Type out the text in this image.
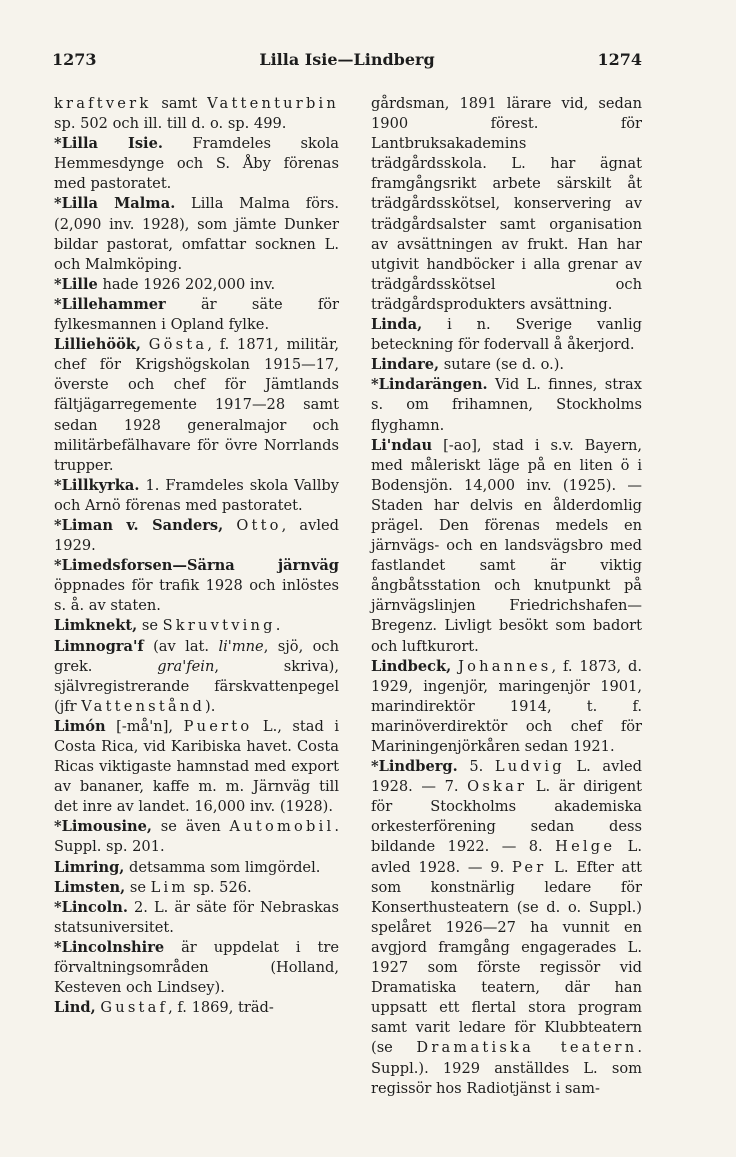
1273	Lilla Isie—Lindberg	1274

kraftverk samt Vattenturbin sp. 502 och ill. till d. o. sp. 499.

*Lilla Isie. Framdeles skola Hemmesdynge och S. Åby förenas med pastoratet.

*Lilla Malma. Lilla Malma förs. (2,090 inv. 1928), som jämte Dunker bildar pastorat, omfattar socknen L. och Malmköping.

*Lille hade 1926 202,000 inv.

*Lillehammer är säte för fylkesmannen i Opland fylke.

Lilliehöök, Gösta, f. 1871, militär, chef för Krigshögskolan 1915—17, överste och chef för Jämtlands fältjägarregemente 1917—28 samt sedan 1928 generalmajor och militärbefälhavare för övre Norrlands trupper.

*Lillkyrka. 1. Framdeles skola Vallby och Arnö förenas med pastoratet.

*Liman v. Sanders, Otto, avled 1929.

*Limedsforsen—Särna järnväg öppnades för trafik 1928 och inlöstes s. å. av staten.

Limknekt, se Skruvtving.

Limnogra'f (av lat. li'mne, sjö, och grek. gra'fein, skriva), självregistrerande färskvattenpegel (jfr Vattenstånd).

Limón [-må'n], Puerto L., stad i Costa Rica, vid Karibiska havet. Costa Ricas viktigaste hamnstad med export av bananer, kaffe m. m. Järnväg till det inre av landet. 16,000 inv. (1928).

*Limousine, se även Automobil. Suppl. sp. 201.

Limring, detsamma som limgördel.

Limsten, se Lim sp. 526.

*Lincoln. 2. L. är säte för Nebraskas statsuniversitet.

*Lincolnshire är uppdelat i tre förvaltningsområden (Holland, Kesteven och Lindsey).

Lind, Gustaf, f. 1869, träd-

gårdsman, 1891 lärare vid, sedan 1900 förest. för Lantbruksakademins trädgårdsskola. L. har ägnat framgångsrikt arbete särskilt åt trädgårdsskötsel, konservering av trädgårdsalster samt organisation av avsättningen av frukt. Han har utgivit handböcker i alla grenar av trädgårdsskötsel och trädgårdsprodukters avsättning.

Linda, i n. Sverige vanlig beteckning för fodervall å åkerjord.

Lindare, sutare (se d. o.).

*Lindarängen. Vid L. finnes, strax s. om frihamnen, Stockholms flyghamn.

Li'ndau [-ao], stad i s.v. Bayern, med måleriskt läge på en liten ö i Bodensjön. 14,000 inv. (1925). — Staden har delvis en ålderdomlig prägel. Den förenas medels en järnvägs- och en landsvägsbro med fastlandet samt är viktig ångbåtsstation och knutpunkt på järnvägslinjen Friedrichshafen—Bregenz. Livligt besökt som badort och luftkurort.

Lindbeck, Johannes, f. 1873, d. 1929, ingenjör, maringenjör 1901, marindirektör 1914, t. f. marinöverdirektör och chef för Mariningenjörkåren sedan 1921.

*Lindberg. 5. Ludvig L. avled 1928. — 7. Oskar L. är dirigent för Stockholms akademiska orkesterförening sedan dess bildande 1922. — 8. Helge L. avled 1928. — 9. Per L. Efter att som konstnärlig ledare för Konserthusteatern (se d. o. Suppl.) spelåret 1926—27 ha vunnit en avgjord framgång engagerades L. 1927 som förste regissör vid Dramatiska teatern, där han uppsatt ett flertal stora program samt varit ledare för Klubbteatern (se Dramatiska teatern. Suppl.). 1929 anställdes L. som regissör hos Radiotjänst i sam-
